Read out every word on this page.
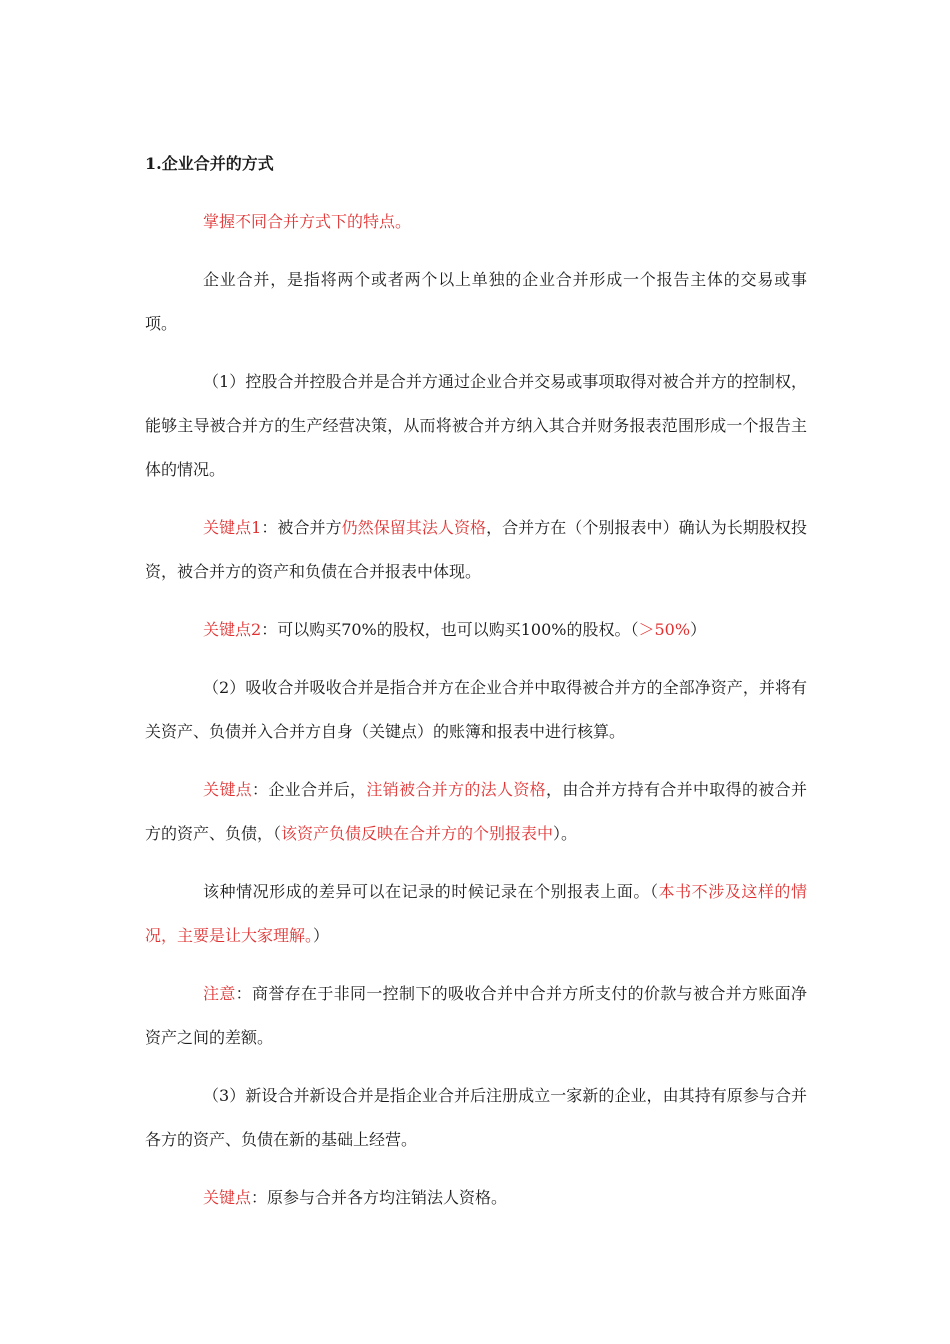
1.企业合并的方式

掌握不同合并方式下的特点。

企业合并，是指将两个或者两个以上单独的企业合并形成一个报告主体的交易或事项。

（1）控股合并控股合并是合并方通过企业合并交易或事项取得对被合并方的控制权，能够主导被合并方的生产经营决策，从而将被合并方纳入其合并财务报表范围形成一个报告主体的情况。

关键点1：被合并方仍然保留其法人资格，合并方在（个别报表中）确认为长期股权投资，被合并方的资产和负债在合并报表中体现。

关键点2：可以购买70%的股权，也可以购买100%的股权。（＞50%）

（2）吸收合并吸收合并是指合并方在企业合并中取得被合并方的全部净资产，并将有关资产、负债并入合并方自身（关键点）的账簿和报表中进行核算。

关键点：企业合并后，注销被合并方的法人资格，由合并方持有合并中取得的被合并方的资产、负债，（该资产负债反映在合并方的个别报表中）。

该种情况形成的差异可以在记录的时候记录在个别报表上面。（本书不涉及这样的情况，主要是让大家理解。）

注意：商誉存在于非同一控制下的吸收合并中合并方所支付的价款与被合并方账面净资产之间的差额。

（3）新设合并新设合并是指企业合并后注册成立一家新的企业，由其持有原参与合并各方的资产、负债在新的基础上经营。

关键点：原参与合并各方均注销法人资格。
